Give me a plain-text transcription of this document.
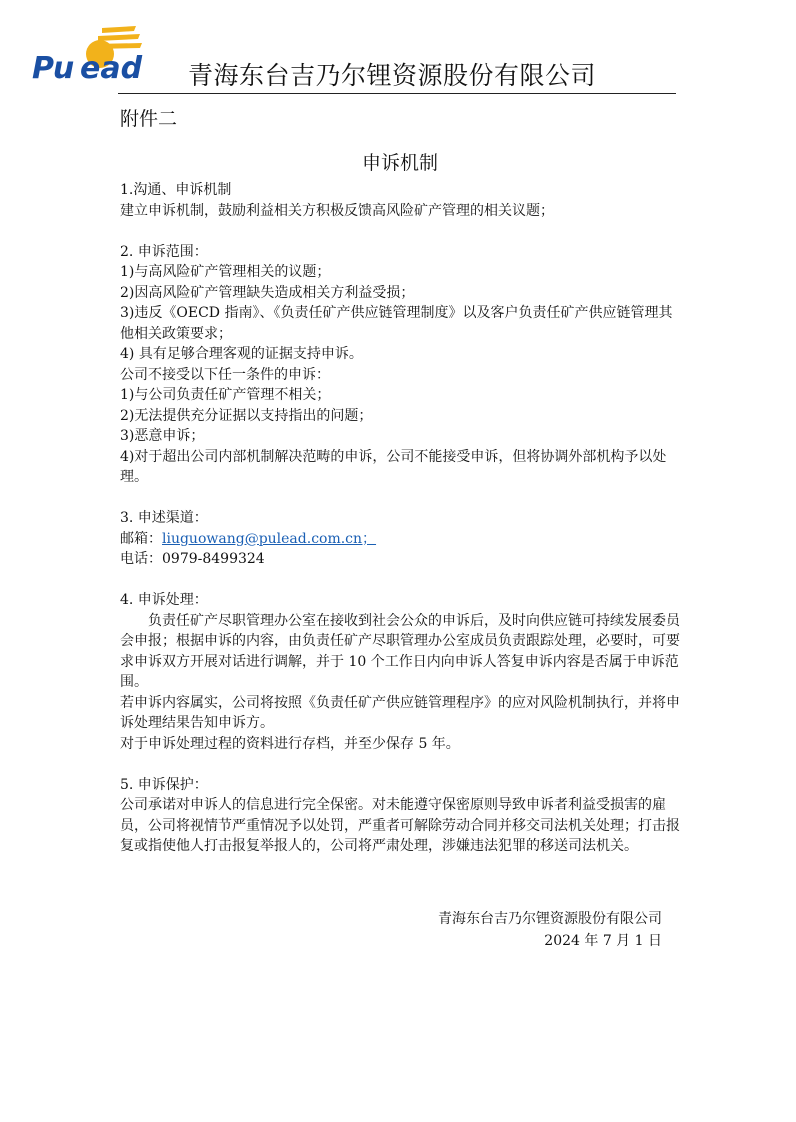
Pu ead 青海东台吉乃尔锂资源股份有限公司
附件二
申诉机制

1.沟通、申诉机制

建立申诉机制，鼓励利益相关方积极反馈高风险矿产管理的相关议题；

2. 申诉范围：

1)与高风险矿产管理相关的议题；

2)因高风险矿产管理缺失造成相关方利益受损；

3)违反《OECD 指南》、《负责任矿产供应链管理制度》以及客户负责任矿产供应链管理其他相关政策要求；

4) 具有足够合理客观的证据支持申诉。

公司不接受以下任一条件的申诉：

1)与公司负责任矿产管理不相关；

2)无法提供充分证据以支持指出的问题；

3)恶意申诉；

4)对于超出公司内部机制解决范畴的申诉，公司不能接受申诉，但将协调外部机构予以处理。

3. 申述渠道：

邮箱：liuguowang@pulead.com.cn；

电话：0979-8499324

4. 申诉处理：

负责任矿产尽职管理办公室在接收到社会公众的申诉后，及时向供应链可持续发展委员会申报；根据申诉的内容，由负责任矿产尽职管理办公室成员负责跟踪处理，必要时，可要求申诉双方开展对话进行调解，并于 10 个工作日内向申诉人答复申诉内容是否属于申诉范围。

若申诉内容属实，公司将按照《负责任矿产供应链管理程序》的应对风险机制执行，并将申诉处理结果告知申诉方。

对于申诉处理过程的资料进行存档，并至少保存 5 年。

5. 申诉保护：

公司承诺对申诉人的信息进行完全保密。对未能遵守保密原则导致申诉者利益受损害的雇员，公司将视情节严重情况予以处罚，严重者可解除劳动合同并移交司法机关处理；打击报复或指使他人打击报复举报人的，公司将严肃处理，涉嫌违法犯罪的移送司法机关。

青海东台吉乃尔锂资源股份有限公司
2024 年 7 月 1 日
